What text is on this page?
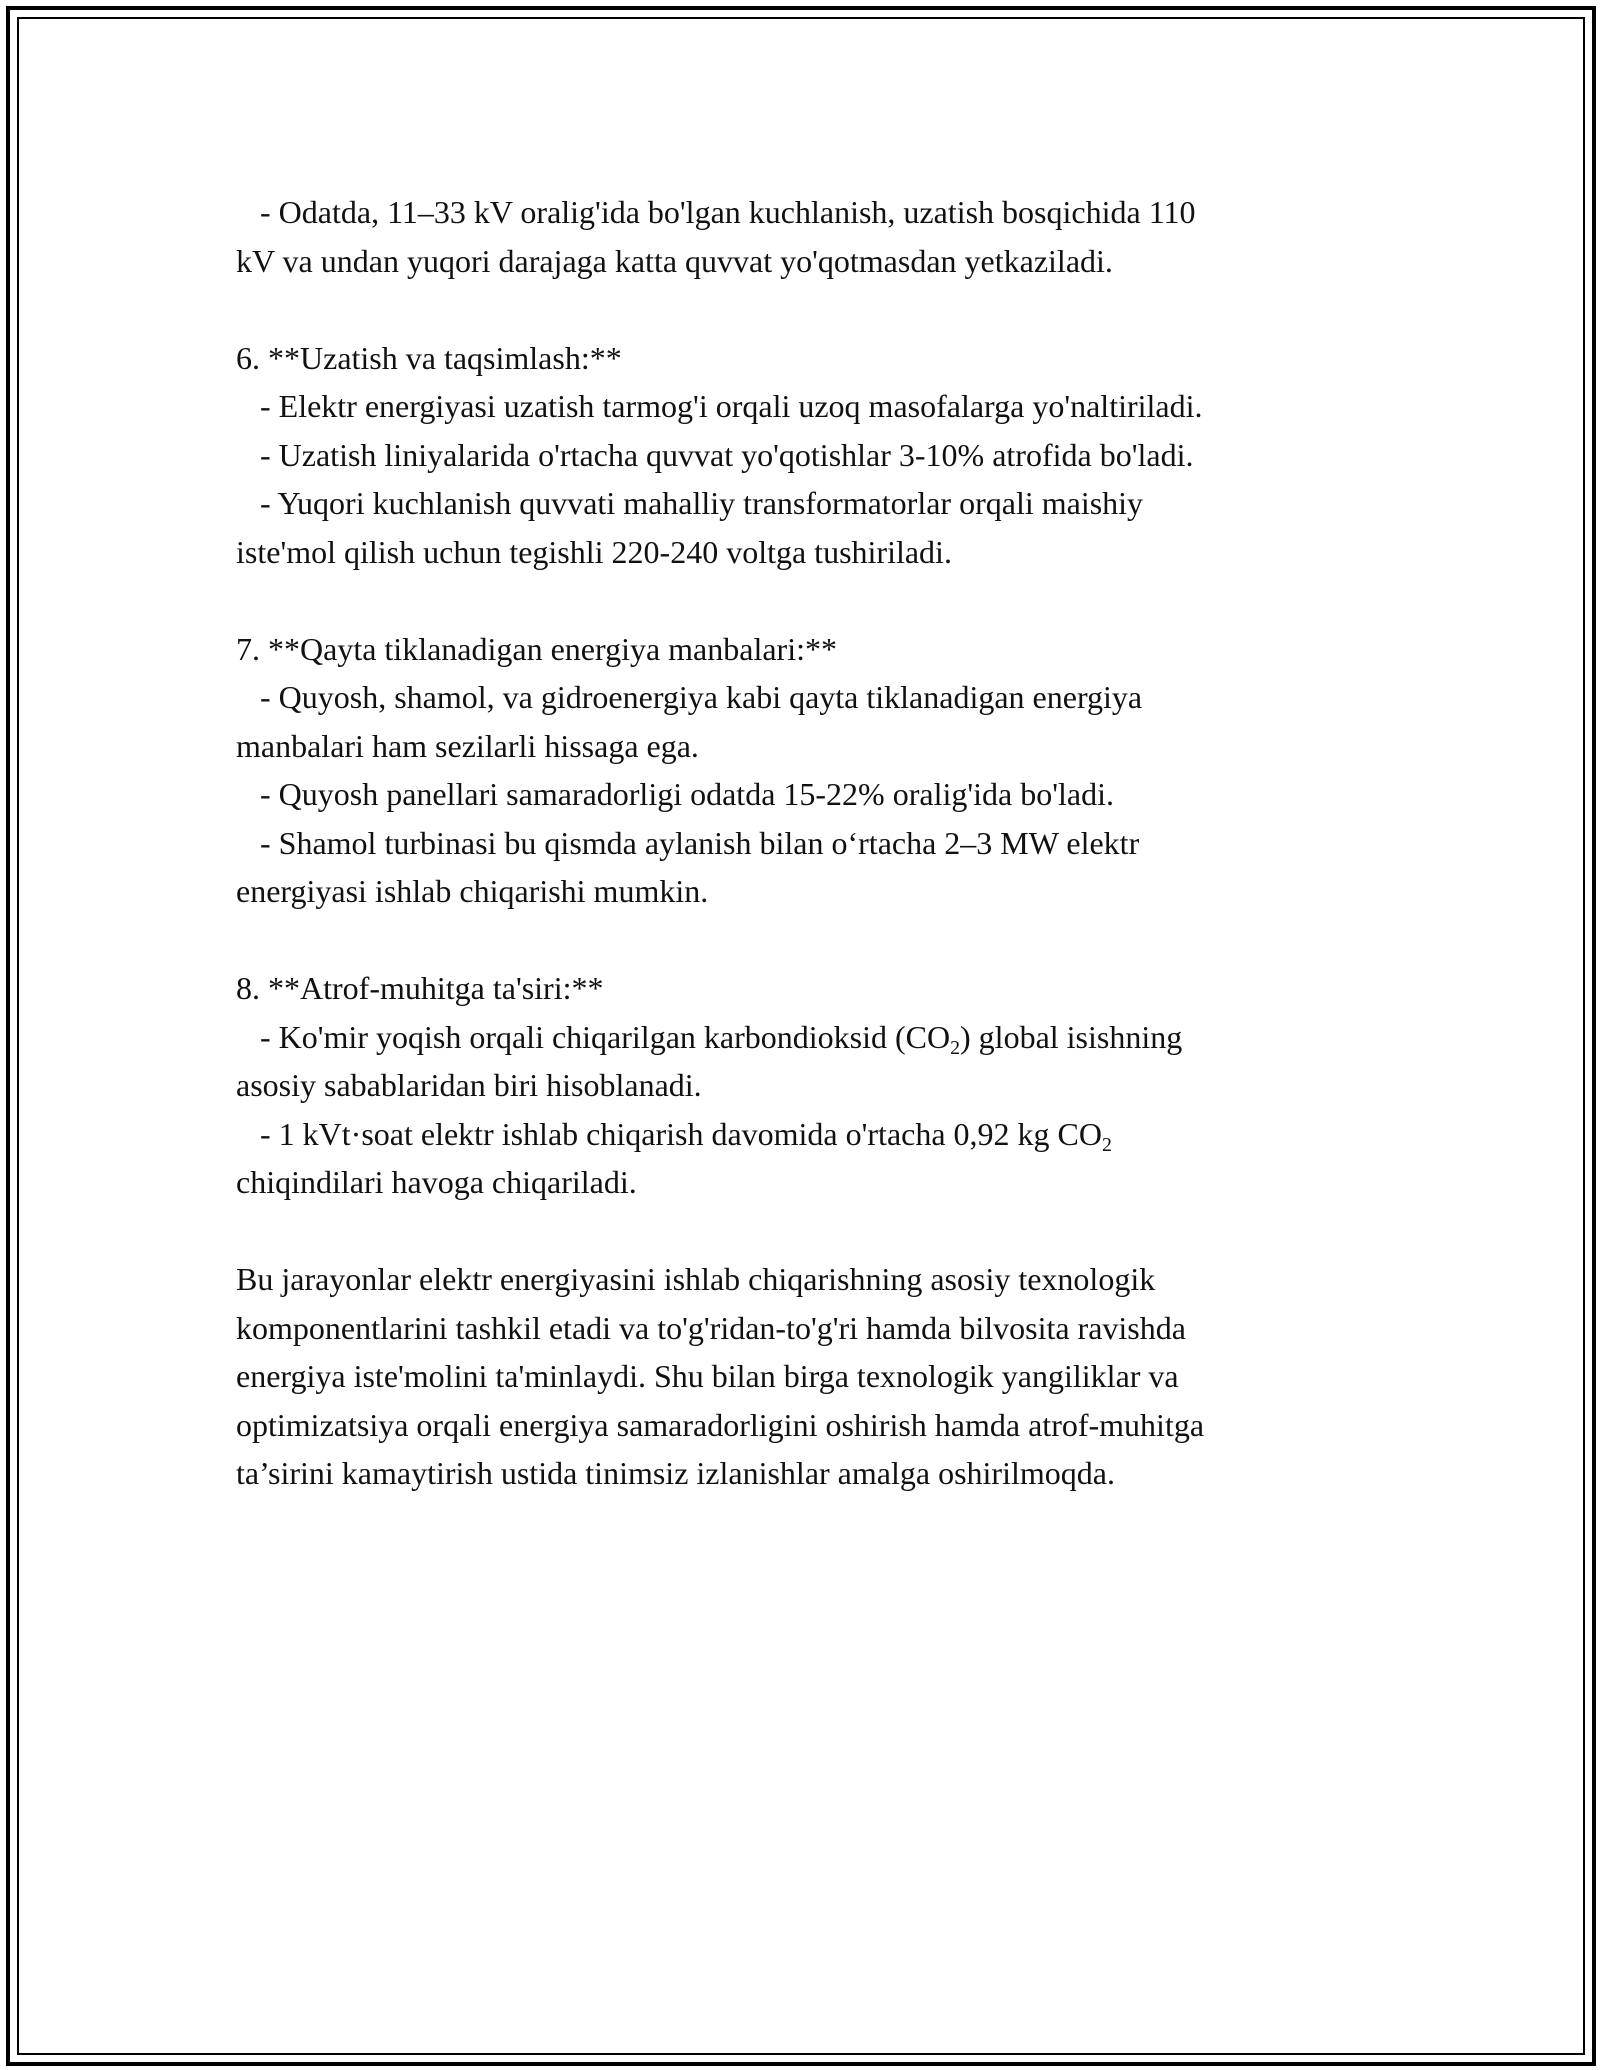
- Odatda, 11–33 kV oralig'ida bo'lgan kuchlanish, uzatish bosqichida 110
kV va undan yuqori darajaga katta quvvat yo'qotmasdan yetkaziladi.
6. **Uzatish va taqsimlash:**
- Elektr energiyasi uzatish tarmog'i orqali uzoq masofalarga yo'naltiriladi.
- Uzatish liniyalarida o'rtacha quvvat yo'qotishlar 3-10% atrofida bo'ladi.
- Yuqori kuchlanish quvvati mahalliy transformatorlar orqali maishiy
iste'mol qilish uchun tegishli 220-240 voltga tushiriladi.
7. **Qayta tiklanadigan energiya manbalari:**
- Quyosh, shamol, va gidroenergiya kabi qayta tiklanadigan energiya
manbalari ham sezilarli hissaga ega.
- Quyosh panellari samaradorligi odatda 15-22% oralig'ida bo'ladi.
- Shamol turbinasi bu qismda aylanish bilan o‘rtacha 2–3 MW elektr
energiyasi ishlab chiqarishi mumkin.
8. **Atrof-muhitga ta'siri:**
- Ko'mir yoqish orqali chiqarilgan karbondioksid $(CO_2)$ global isishning
asosiy sabablaridan biri hisoblanadi.
- 1 kVt·soat elektr ishlab chiqarish davomida o'rtacha 0,92 kg $CO_2$
chiqindilari havoga chiqariladi.
Bu jarayonlar elektr energiyasini ishlab chiqarishning asosiy texnologik
komponentlarini tashkil etadi va to'g'ridan-to'g'ri hamda bilvosita ravishda
energiya iste'molini ta'minlaydi. Shu bilan birga texnologik yangiliklar va
optimizatsiya orqali energiya samaradorligini oshirish hamda atrof-muhitga
ta’sirini kamaytirish ustida tinimsiz izlanishlar amalga oshirilmoqda.
